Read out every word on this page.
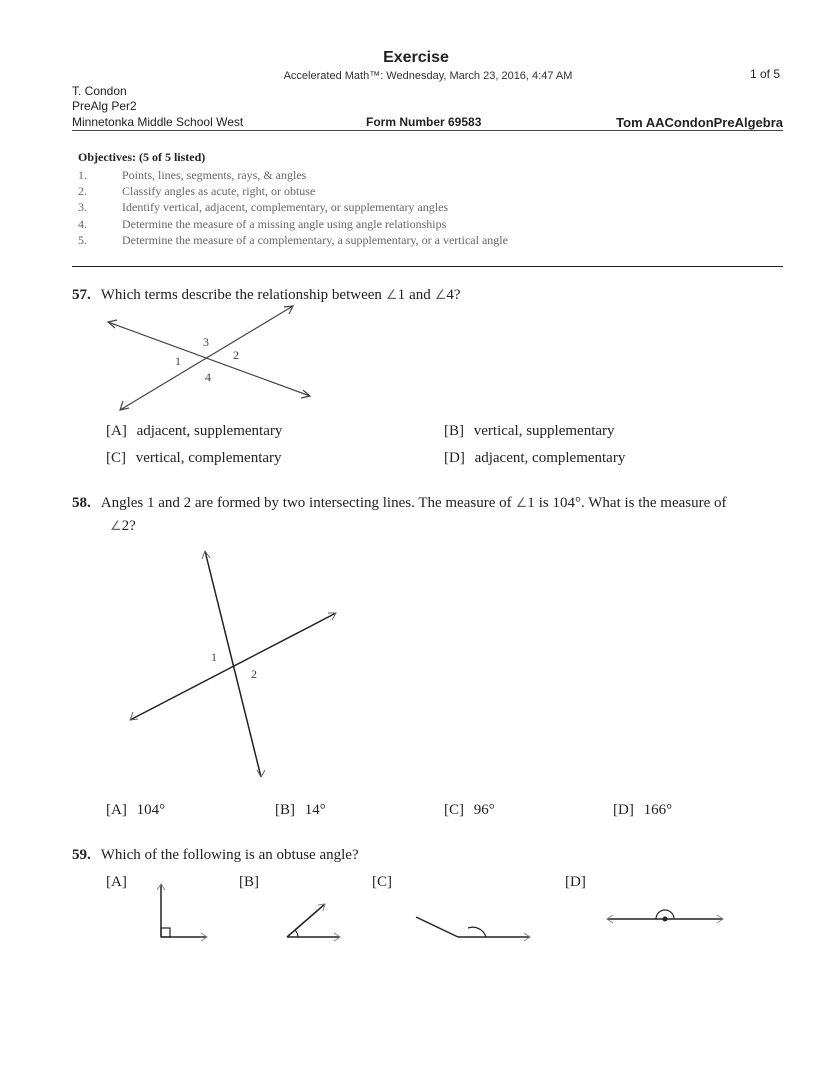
Exercise
Accelerated Math™: Wednesday, March 23, 2016, 4:47 AM	1 of 5
T. Condon
PreAlg Per2
Minnetonka Middle School West	Form Number 69583	Tom AACondonPreAlgebra
Objectives: (5 of 5 listed)
1.	Points, lines, segments, rays, & angles
2.	Classify angles as acute, right, or obtuse
3.	Identify vertical, adjacent, complementary, or supplementary angles
4.	Determine the measure of a missing angle using angle relationships
5.	Determine the measure of a complementary, a supplementary, or a vertical angle
57. Which terms describe the relationship between ∠1 and ∠4?
3
1	2
4
[A] adjacent, supplementary	[B] vertical, supplementary
[C] vertical, complementary	[D] adjacent, complementary
58. Angles 1 and 2 are formed by two intersecting lines. The measure of ∠1 is 104°. What is the measure of
∠2?
1
2
[A] 104°	[B] 14°	[C] 96°	[D] 166°
59. Which of the following is an obtuse angle?
[A]	[B]	[C]	[D]
